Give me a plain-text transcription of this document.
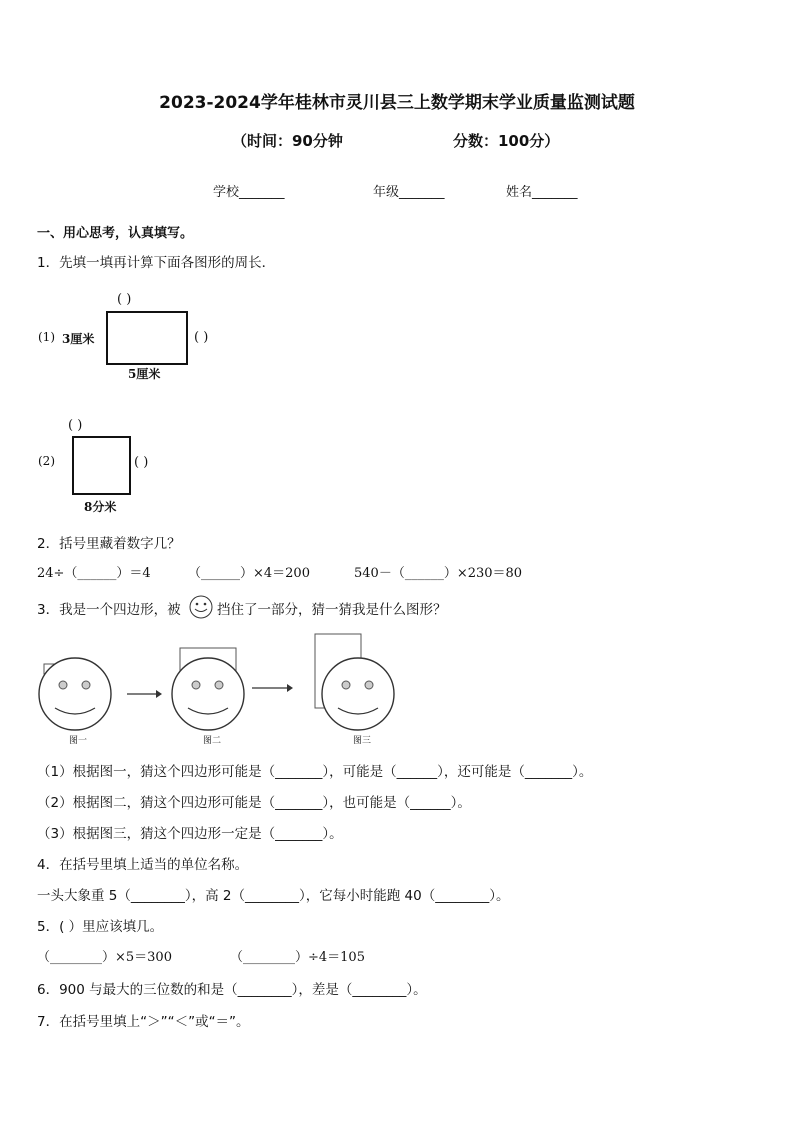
2023-2024学年桂林市灵川县三上数学期末学业质量监测试题
（时间：90分钟	分数：100分）
学校_______	年级_______	姓名_______
一、用心思考，认真填写。
1．先填一填再计算下面各图形的周长．
(1) 3厘米
( )
( )
5厘米
(2)
( )
( )
8分米
2．括号里藏着数字几？
24÷（______）＝4	（______）×4＝200	540－（______）×230＝80
3．我是一个四边形，被	挡住了一部分，猜一猜我是什么图形？
图一	图二	图三
（1）根据图一，猜这个四边形可能是（_______），可能是（______），还可能是（_______）。
（2）根据图二，猜这个四边形可能是（_______），也可能是（______）。
（3）根据图三，猜这个四边形一定是（_______）。
4．在括号里填上适当的单位名称。
一头大象重 5（________），高 2（________），它每小时能跑 40（________）。
5．( ）里应该填几。
（________）×5＝300	（________）÷4＝105
6．900 与最大的三位数的和是（________），差是（________）。
7．在括号里填上“＞”“＜”或“＝”。
